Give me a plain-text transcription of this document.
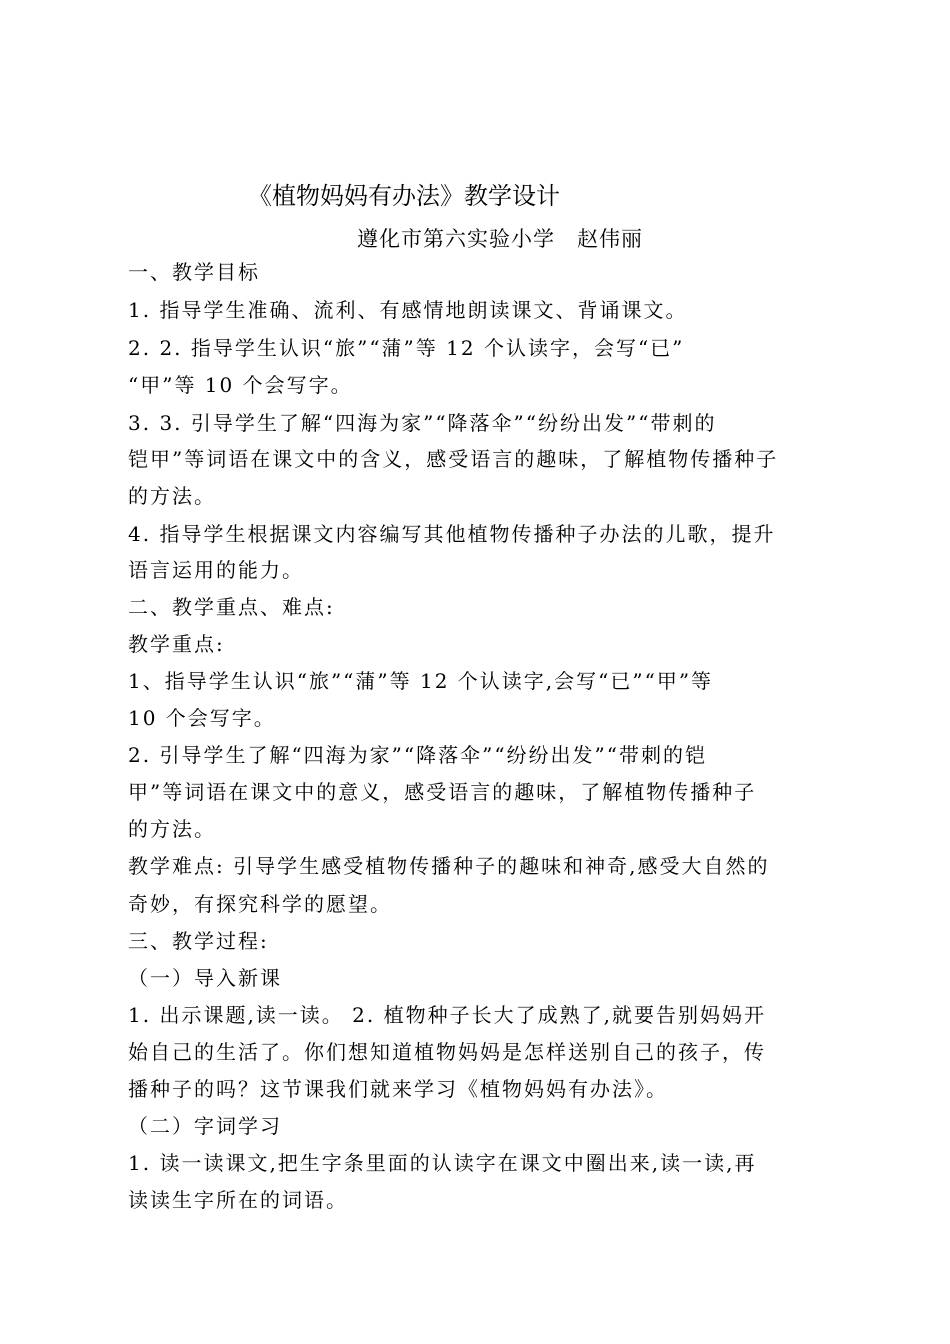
《植物妈妈有办法》教学设计
遵化市第六实验小学　赵伟丽
一、教学目标
1. 指导学生准确、流利、有感情地朗读课文、背诵课文。
2. 2. 指导学生认识“旅”“蒲”等 12 个认读字，会写“已”
“甲”等 10 个会写字。
3. 3. 引导学生了解“四海为家”“降落伞”“纷纷出发”“带刺的
铠甲”等词语在课文中的含义，感受语言的趣味，了解植物传播种子
的方法。
4. 指导学生根据课文内容编写其他植物传播种子办法的儿歌，提升
语言运用的能力。
二、教学重点、难点:
教学重点:
1、指导学生认识“旅”“蒲”等 12 个认读字,会写“已”“甲”等
10 个会写字。
2. 引导学生了解“四海为家”“降落伞”“纷纷出发”“带刺的铠
甲”等词语在课文中的意义，感受语言的趣味，了解植物传播种子
的方法。
教学难点: 引导学生感受植物传播种子的趣味和神奇,感受大自然的
奇妙，有探究科学的愿望。
三、教学过程:
（一）导入新课
1. 出示课题,读一读。 2. 植物种子长大了成熟了,就要告别妈妈开
始自己的生活了。你们想知道植物妈妈是怎样送别自己的孩子，传
播种子的吗？这节课我们就来学习《植物妈妈有办法》。
（二）字词学习
1. 读一读课文,把生字条里面的认读字在课文中圈出来,读一读,再
读读生字所在的词语。
